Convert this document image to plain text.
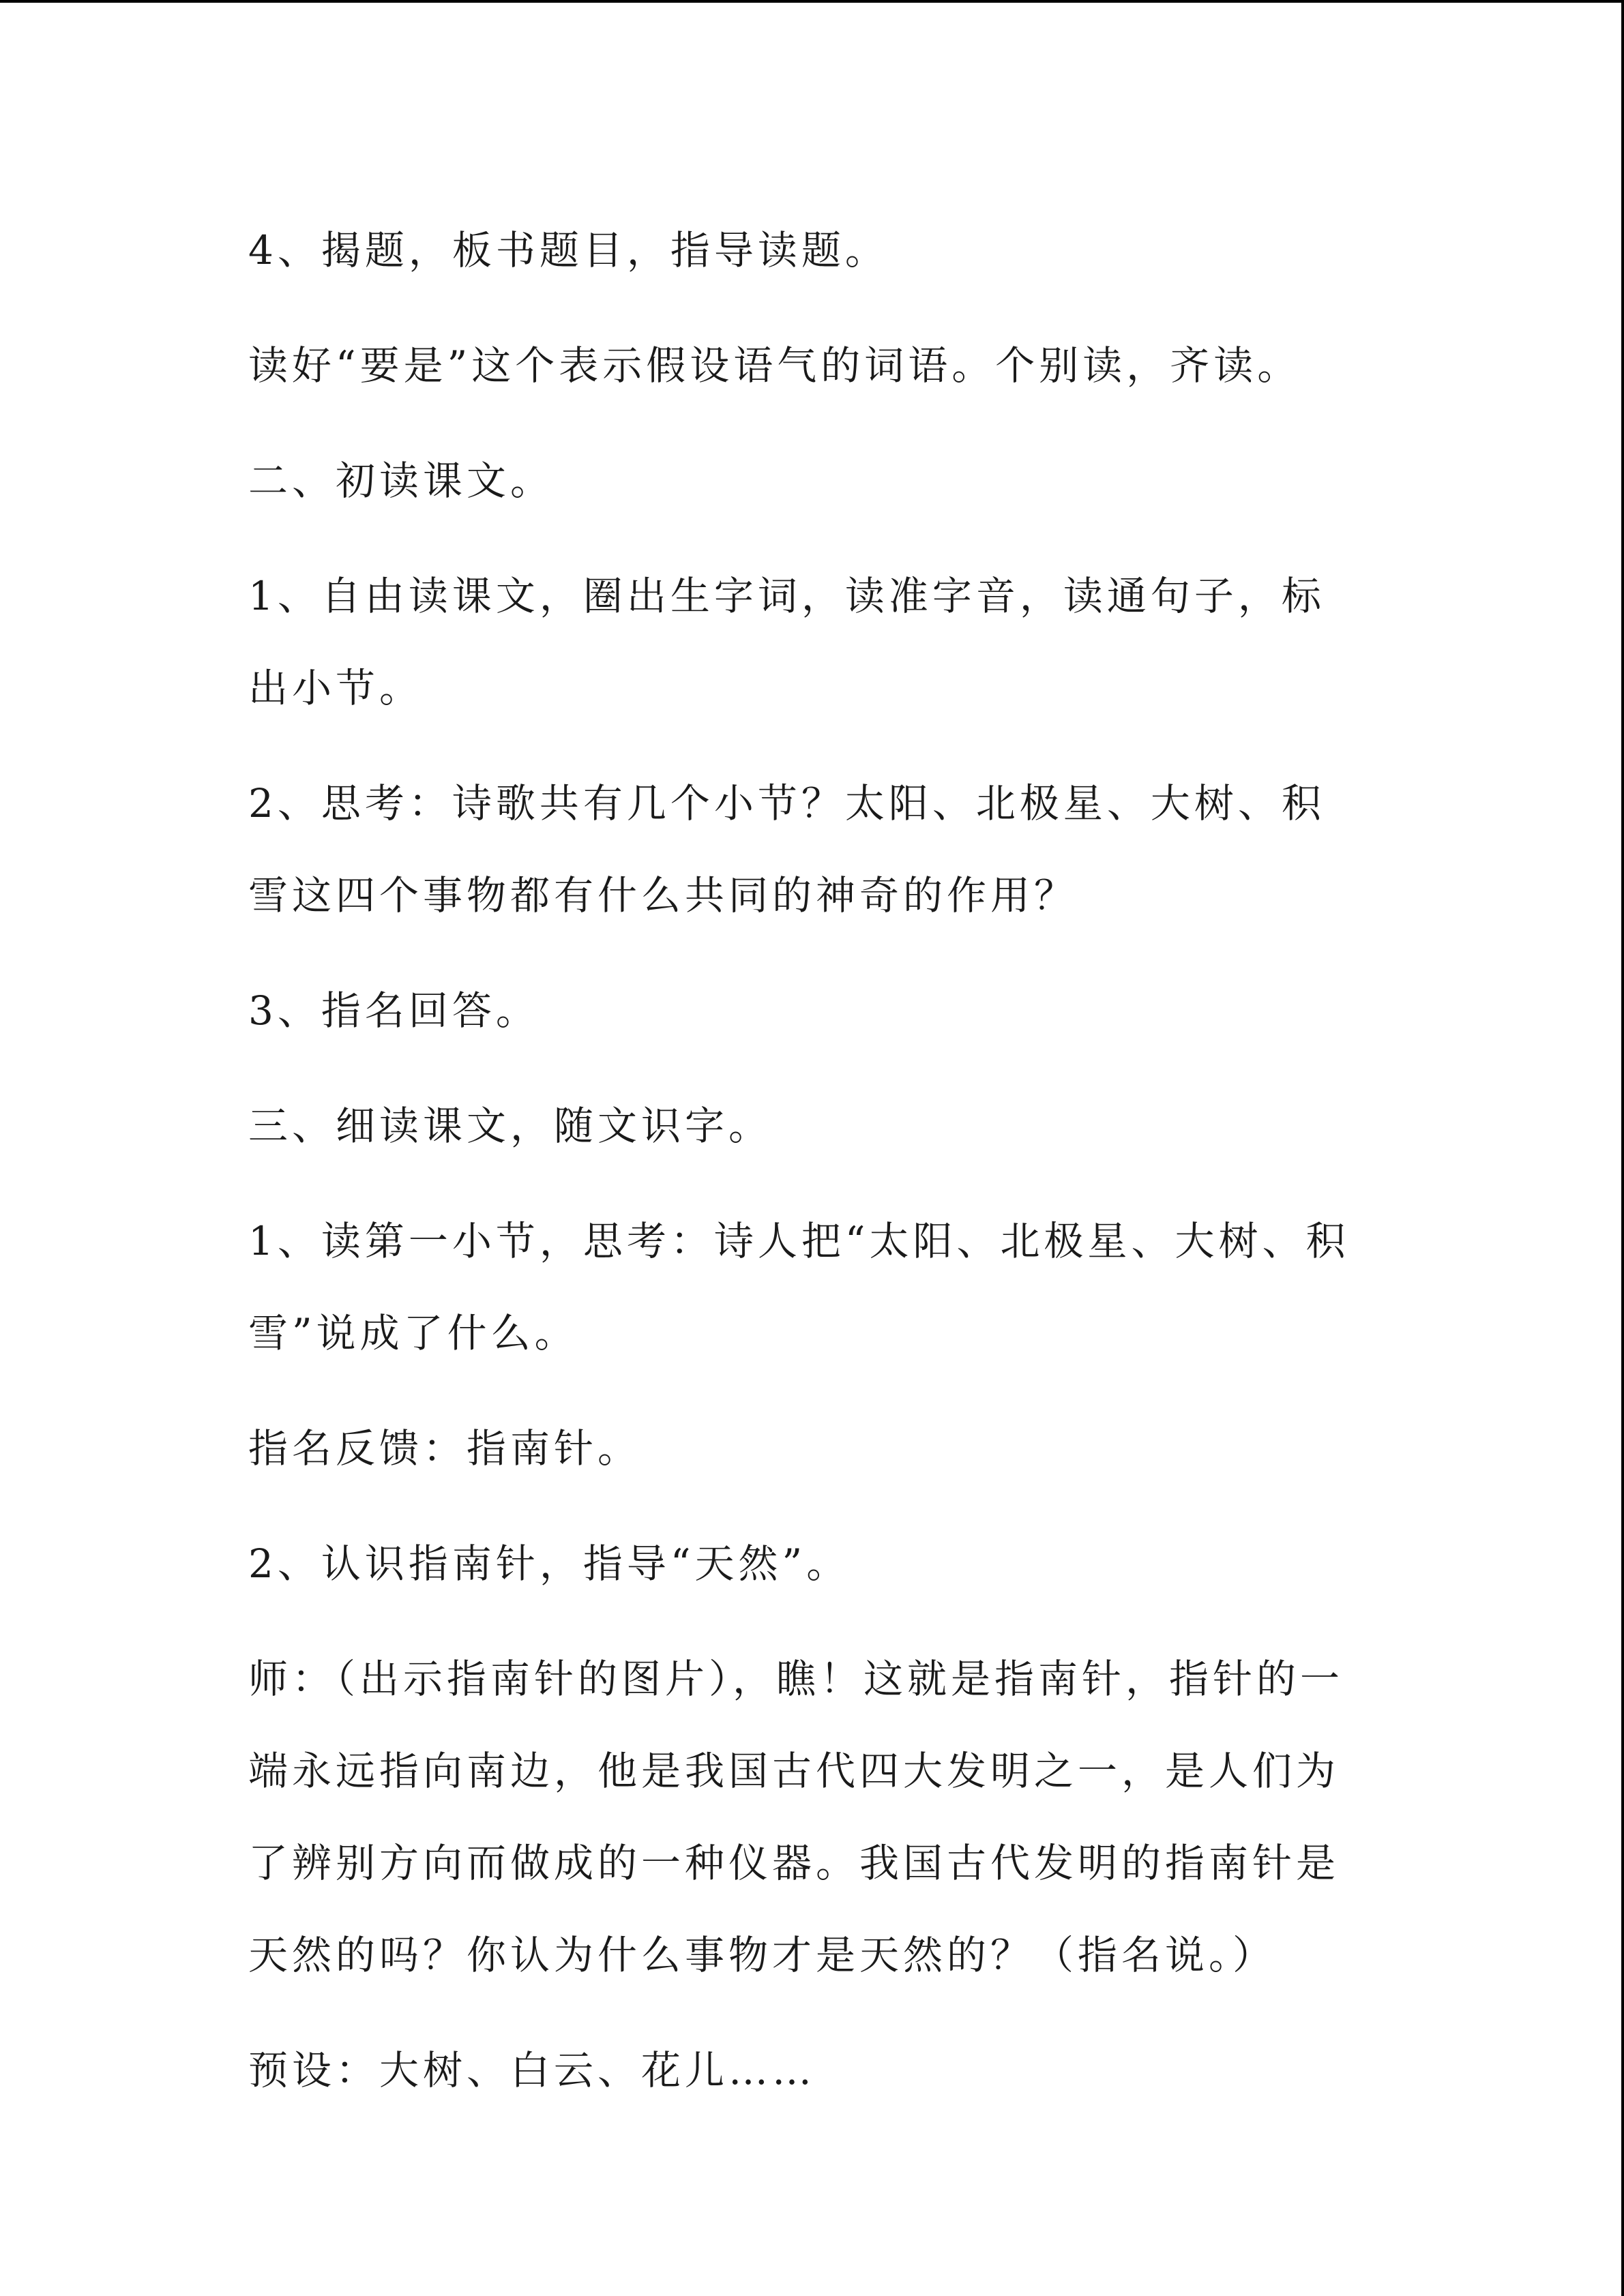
4、揭题，板书题目，指导读题。

读好“要是”这个表示假设语气的词语。个别读，齐读。

二、初读课文。

1、自由读课文，圈出生字词，读准字音，读通句子，标出小节。

2、思考：诗歌共有几个小节？太阳、北极星、大树、积雪这四个事物都有什么共同的神奇的作用？

3、指名回答。

三、细读课文，随文识字。

1、读第一小节，思考：诗人把“太阳、北极星、大树、积雪”说成了什么。

指名反馈：指南针。

2、认识指南针，指导“天然”。

师：（出示指南针的图片），瞧！这就是指南针，指针的一端永远指向南边，他是我国古代四大发明之一，是人们为了辨别方向而做成的一种仪器。我国古代发明的指南针是天然的吗？你认为什么事物才是天然的？（指名说。）

预设：大树、白云、花儿……
